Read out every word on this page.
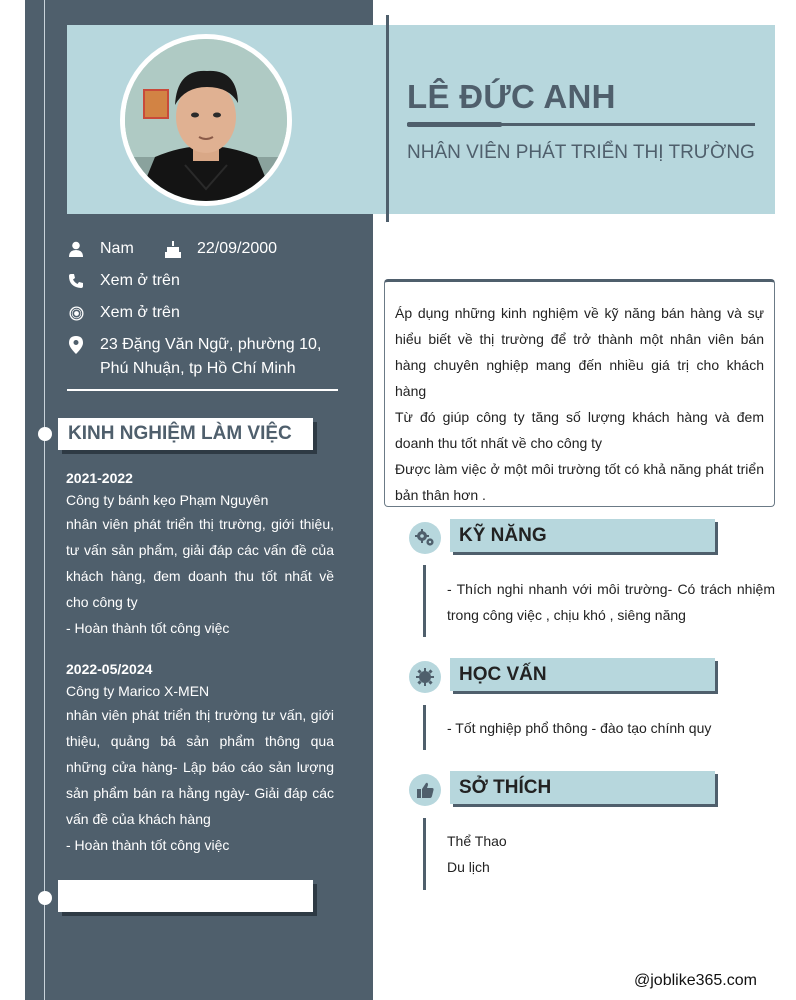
LÊ ĐỨC ANH
NHÂN VIÊN PHÁT TRIỂN THỊ TRƯỜNG
Nam	22/09/2000
Xem ở trên
Xem ở trên
23 Đặng Văn Ngữ, phường 10,
Phú Nhuận, tp Hồ Chí Minh
KINH NGHIỆM LÀM VIỆC
2021-2022
Công ty bánh kẹo Phạm Nguyên
nhân viên phát triển thị trường, giới thiệu, tư vấn sản phẩm, giải đáp các vấn đề của khách hàng, đem doanh thu tốt nhất về cho công ty
- Hoàn thành tốt công việc
2022-05/2024
Công ty Marico X-MEN
nhân viên phát triển thị trường tư vấn, giới thiệu, quảng bá sản phẩm thông qua những cửa hàng- Lập báo cáo sản lượng sản phẩm bán ra hằng ngày- Giải đáp các vấn đề của khách hàng
- Hoàn thành tốt công việc
Áp dụng những kinh nghiệm về kỹ năng bán hàng và sự hiểu biết về thị trường để trở thành một nhân viên bán hàng chuyên nghiệp mang đến nhiều giá trị cho khách hàng
Từ đó giúp công ty tăng số lượng khách hàng và đem doanh thu tốt nhất về cho công ty
Được làm việc ở một môi trường tốt có khả năng phát triển bản thân hơn .
KỸ NĂNG
- Thích nghi nhanh với môi trường- Có trách nhiệm trong công việc , chịu khó , siêng năng
HỌC VẤN
- Tốt nghiệp phổ thông - đào tạo chính quy
SỞ THÍCH
Thể Thao
Du lịch
@joblike365.com
